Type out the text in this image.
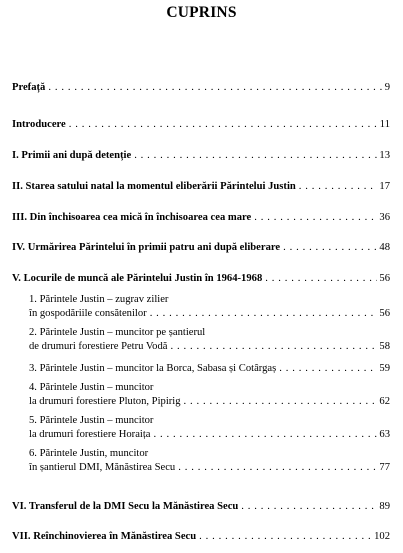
CUPRINS
Prefață . . .	9
Introducere . . .	11
I. Primii ani după detenție . . .	13
II. Starea satului natal la momentul eliberării Părintelui Justin . . .	17
III. Din închisoarea cea mică în închisoarea cea mare . . .	36
IV. Urmărirea Părintelui în primii patru ani după eliberare . . .	48
V. Locurile de muncă ale Părintelui Justin în 1964-1968 . . .	56
1. Părintele Justin – zugrav zilier
în gospodăriile consătenilor . . .	56
2. Părintele Justin – muncitor pe șantierul
de drumuri forestiere Petru Vodă . . .	58
3. Părintele Justin – muncitor la Borca, Sabasa și Cotârgaș . . .	59
4. Părintele Justin – muncitor
la drumuri forestiere Pluton, Pipirig . . .	62
5. Părintele Justin – muncitor
la drumuri forestiere Horaița . . .	63
6. Părintele Justin, muncitor
în șantierul DMI, Mănăstirea Secu . . .	77
VI. Transferul de la DMI Secu la Mănăstirea Secu . . .	89
VII. Reînchinovierea în Mănăstirea Secu . . .	102
